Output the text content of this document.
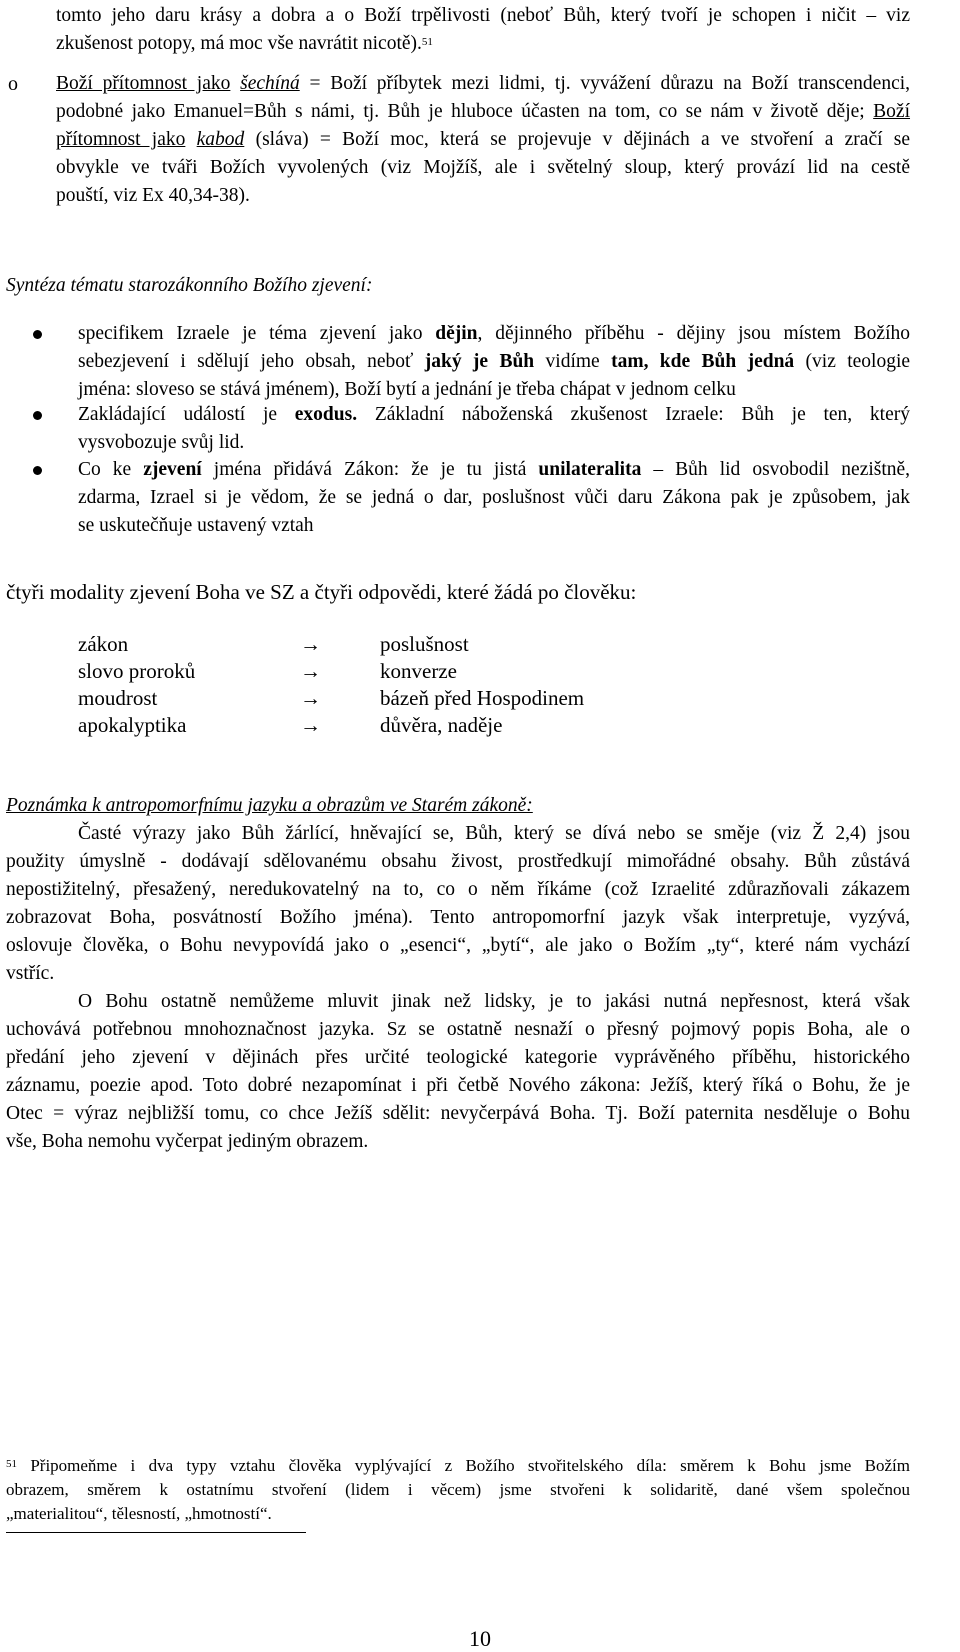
tomto jeho daru krásy a dobra a o Boží trpělivosti (neboť Bůh, který tvoří je schopen i ničit – viz
zkušenost potopy, má moc vše navrátit nicotě).$^{51}$
o Boží přítomnost jako šechíná = Boží příbytek mezi lidmi, tj. vyvážení důrazu na Boží transcendenci,
podobné jako Emanuel=Bůh s námi, tj. Bůh je hluboce účasten na tom, co se nám v životě děje; Boží
přítomnost jako kabod (sláva) = Boží moc, která se projevuje v dějinách a ve stvoření a zračí se
obvykle ve tváři Božích vyvolených (viz Mojžíš, ale i světelný sloup, který provází lid na cestě
pouští, viz Ex 40,34-38).
Syntéza tématu starozákonního Božího zjevení:
specifikem Izraele je téma zjevení jako dějin, dějinného příběhu - dějiny jsou místem Božího
sebezjevení i sdělují jeho obsah, neboť jaký je Bůh vidíme tam, kde Bůh jedná (viz teologie
jména: sloveso se stává jménem), Boží bytí a jednání je třeba chápat v jednom celku
Zakládající událostí je exodus. Základní náboženská zkušenost Izraele: Bůh je ten, který
vysvobozuje svůj lid.
Co ke zjevení jména přidává Zákon: že je tu jistá unilateralita – Bůh lid osvobodil nezištně,
zdarma, Izrael si je vědom, že se jedná o dar, poslušnost vůči daru Zákona pak je způsobem, jak
se uskutečňuje ustavený vztah
čtyři modality zjevení Boha ve SZ a čtyři odpovědi, které žádá po člověku:
zákon	→	poslušnost
slovo proroků	→	konverze
moudrost	→	bázeň před Hospodinem
apokalyptika	→	důvěra, naděje
Poznámka k antropomorfnímu jazyku a obrazům ve Starém zákoně:
Časté výrazy jako Bůh žárlící, hněvající se, Bůh, který se dívá nebo se směje (viz Ž 2,4) jsou
použity úmyslně - dodávají sdělovanému obsahu živost, prostředkují mimořádné obsahy. Bůh zůstává
nepostižitelný, přesažený, neredukovatelný na to, co o něm říkáme (což Izraelité zdůrazňovali zákazem
zobrazovat Boha, posvátností Božího jména). Tento antropomorfní jazyk však interpretuje, vyzývá,
oslovuje člověka, o Bohu nevypovídá jako o „esenci“, „bytí“, ale jako o Božím „ty“, které nám vychází
vstříc.
O Bohu ostatně nemůžeme mluvit jinak než lidsky, je to jakási nutná nepřesnost, která však
uchovává potřebnou mnohoznačnost jazyka. Sz se ostatně nesnaží o přesný pojmový popis Boha, ale o
předání jeho zjevení v dějinách přes určité teologické kategorie vyprávěného příběhu, historického
záznamu, poezie apod. Toto dobré nezapomínat i při četbě Nového zákona: Ježíš, který říká o Bohu, že je
Otec = výraz nejbližší tomu, co chce Ježíš sdělit: nevyčerpává Boha. Tj. Boží paternita nesděluje o Bohu
vše, Boha nemohu vyčerpat jediným obrazem.
$^{51}$ Připomeňme i dva typy vztahu člověka vyplývající z Božího stvořitelského díla: směrem k Bohu jsme Božím
obrazem, směrem k ostatnímu stvoření (lidem i věcem) jsme stvořeni k solidaritě, dané všem společnou
„materialitou“, tělesností, „hmotností“.
10
